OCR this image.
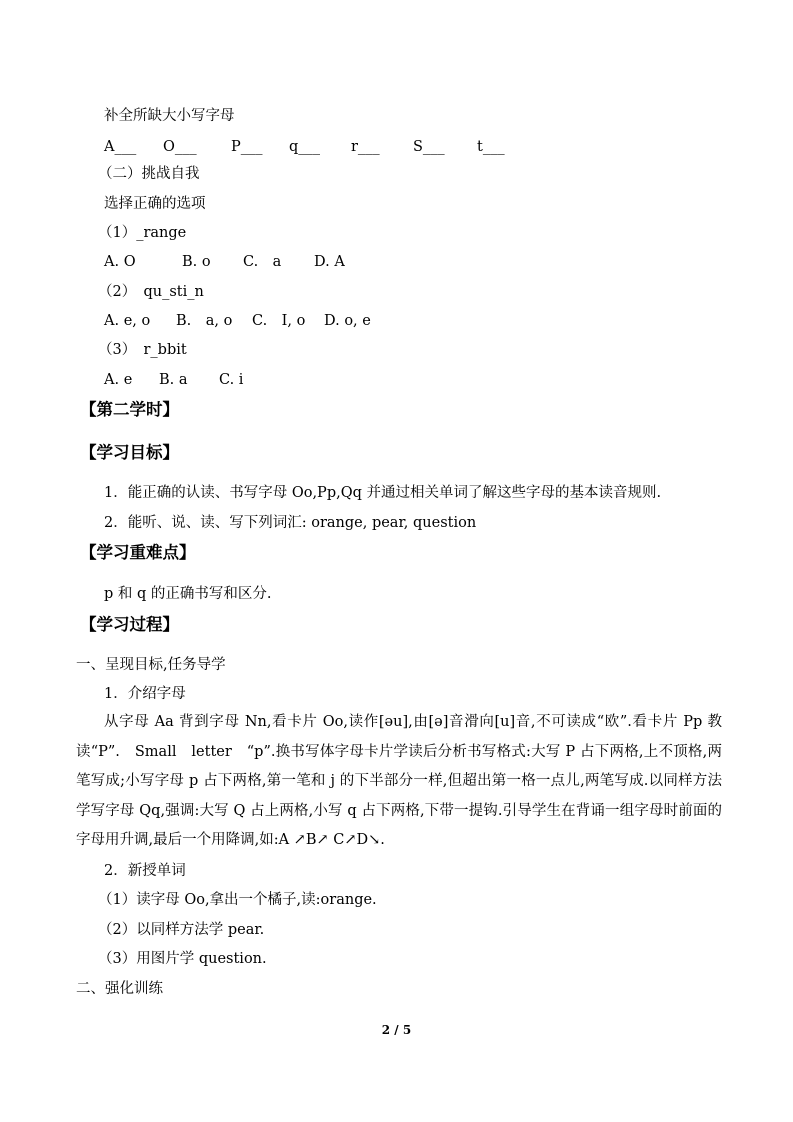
补全所缺大小写字母
A___ O___ P___ q___ r___ S___ t___
（二）挑战自我
选择正确的选项
（1）_range
A. O	B. o C.　a D. A
（2）　qu_sti_n
A. e, o B.　a, o C.　I, o D. o, e
（3）　r_bbit
A. e B. a C. i
【第二学时】
【学习目标】
1．能正确的认读、书写字母 Oo,Pp,Qq 并通过相关单词了解这些字母的基本读音规则.
2．能听、说、读、写下列词汇: orange, pear, question
【学习重难点】
p 和 q 的正确书写和区分.
【学习过程】
一、呈现目标,任务导学
1．介绍字母
从字母 Aa 背到字母 Nn,看卡片 Oo,读作[əu],由[ə]音滑向[u]音,不可读成“欧”.看卡片 Pp 教读“P”.　Small　letter　“p”.换书写体字母卡片学读后分析书写格式:大写 P 占下两格,上不顶格,两笔写成;小写字母 p 占下两格,第一笔和 j 的下半部分一样,但超出第一格一点儿,两笔写成.以同样方法学写字母 Qq,强调:大写 Q 占上两格,小写 q 占下两格,下带一提钩.引导学生在背诵一组字母时前面的字母用升调,最后一个用降调,如:A ↗B↗ C↗D↘.
2．新授单词
（1）读字母 Oo,拿出一个橘子,读:orange.
（2）以同样方法学 pear.
（3）用图片学 question.
二、强化训练
2 / 5
